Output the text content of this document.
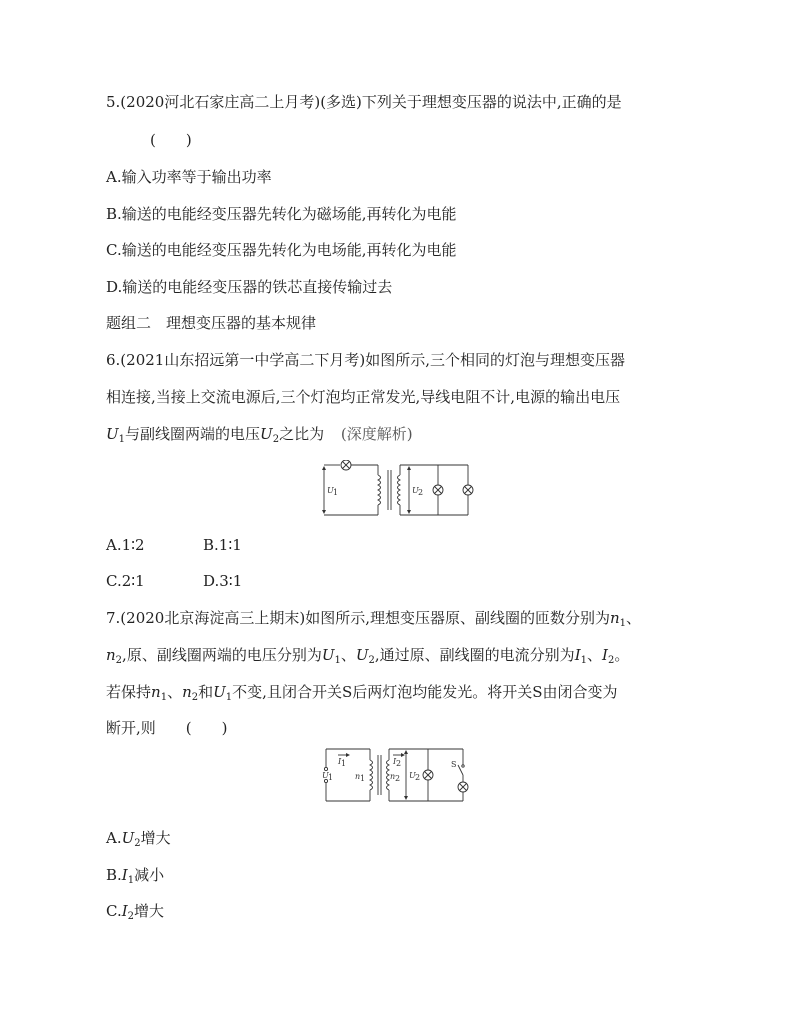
5.(2020河北石家庄高二上月考)(多选)下列关于理想变压器的说法中,正确的是
(　　)
A.输入功率等于输出功率
B.输送的电能经变压器先转化为磁场能,再转化为电能
C.输送的电能经变压器先转化为电场能,再转化为电能
D.输送的电能经变压器的铁芯直接传输过去
题组二　理想变压器的基本规律
6.(2021山东招远第一中学高二下月考)如图所示,三个相同的灯泡与理想变压器
相连接,当接上交流电源后,三个灯泡均正常发光,导线电阻不计,电源的输出电压
$U_1$与副线圈两端的电压$U_2$之比为 (深度解析)
U 1	U 2
A.1∶2	B.1∶1
C.2∶1	D.3∶1
7.(2020北京海淀高三上期末)如图所示,理想变压器原、副线圈的匝数分别为$n_1$、
$n_2$,原、副线圈两端的电压分别为$U_1$、$U_2$,通过原、副线圈的电流分别为$I_1$、$I_2$。
若保持$n_1$、$n_2$和$U_1$不变,且闭合开关S后两灯泡均能发光。将开关S由闭合变为
断开,则　　(　　)
I 1
n 1
U 1
I 2
n 2 U 2
S
$A.U_2$增大
$B.I_1$减小
$C.I_2$增大
